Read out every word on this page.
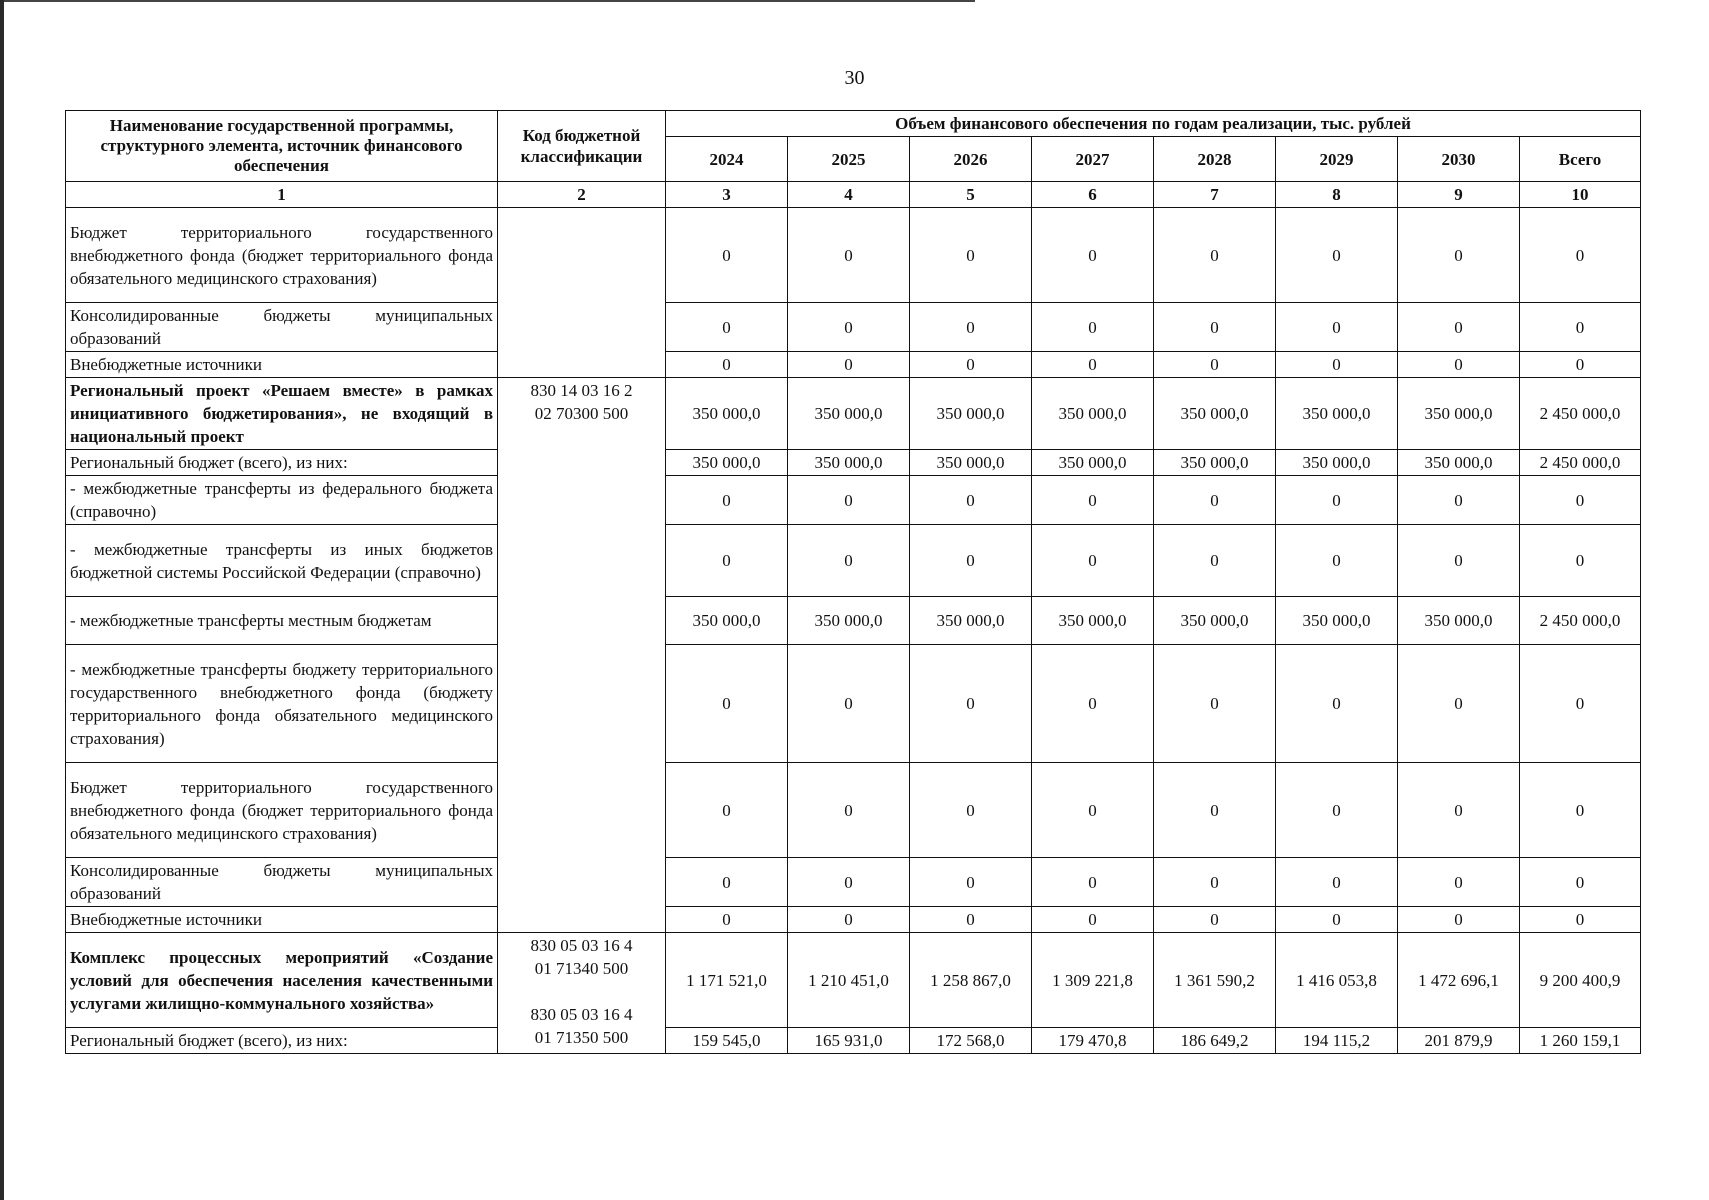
30
Наименование государственной программы, структурного элемента, источник финансового обеспечения	Код бюджетной классификации	Объем финансового обеспечения по годам реализации, тыс. рублей							
		2024	2025	2026	2027	2028	2029	2030	Всего
1	2	3	4	5	6	7	8	9	10
Бюджет территориального государственного внебюджетного фонда (бюджет территориального фонда обязательного медицинского страхования)		0	0	0	0	0	0	0	0
Консолидированные бюджеты муниципальных образований		0	0	0	0	0	0	0	0
Внебюджетные источники		0	0	0	0	0	0	0	0
Региональный проект «Решаем вместе» в рамках инициативного бюджетирования», не входящий в национальный проект	830 14 03 16 2
02 70300 500	350 000,0	350 000,0	350 000,0	350 000,0	350 000,0	350 000,0	350 000,0	2 450 000,0
Региональный бюджет (всего), из них:		350 000,0	350 000,0	350 000,0	350 000,0	350 000,0	350 000,0	350 000,0	2 450 000,0
- межбюджетные трансферты из федерального бюджета (справочно)		0	0	0	0	0	0	0	0
- межбюджетные трансферты из иных бюджетов бюджетной системы Российской Федерации (справочно)		0	0	0	0	0	0	0	0
- межбюджетные трансферты местным бюджетам		350 000,0	350 000,0	350 000,0	350 000,0	350 000,0	350 000,0	350 000,0	2 450 000,0
- межбюджетные трансферты бюджету территориального государственного внебюджетного фонда (бюджету территориального фонда обязательного медицинского страхования)		0	0	0	0	0	0	0	0
Бюджет территориального государственного внебюджетного фонда (бюджет территориального фонда обязательного медицинского страхования)		0	0	0	0	0	0	0	0
Консолидированные бюджеты муниципальных образований		0	0	0	0	0	0	0	0
Внебюджетные источники		0	0	0	0	0	0	0	0
Комплекс процессных мероприятий «Создание условий для обеспечения населения качественными услугами жилищно-коммунального хозяйства»	830 05 03 16 4
01 71340 500

830 05 03 16 4
01 71350 500	1 171 521,0	1 210 451,0	1 258 867,0	1 309 221,8	1 361 590,2	1 416 053,8	1 472 696,1	9 200 400,9
Региональный бюджет (всего), из них:		159 545,0	165 931,0	172 568,0	179 470,8	186 649,2	194 115,2	201 879,9	1 260 159,1
